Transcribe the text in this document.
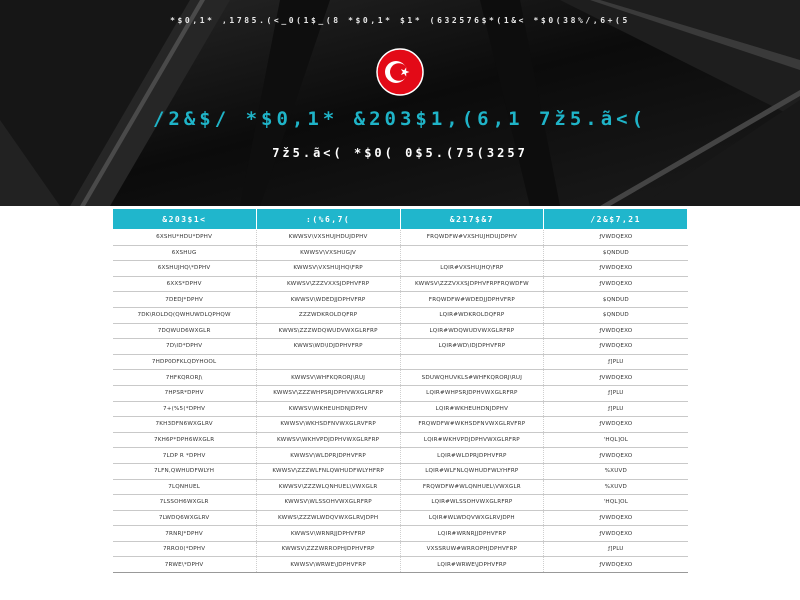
*$0,1* ,1785.(<_0(1$_(8 *$0,1* $1* (632576$*(1&< *$0(38%/,6+(5
/2&$/ *$0,1* &203$1,(6,1 7ž5.ã<(
7ž5.ã<( *$0( 0$5.(75(3257
&203$1<	:(%6,7(	&217$&7	/2&$7,21
6XSHU*HDU*DPHV	KWWSV\VXSHUJHDUJDPHV	FRQWDFW#VXSHUJHDUJDPHV	ƒVWDQEXO
6XSHUG	KWWSV\VXSHUGJV		$QNDUD
6XSHUJHQ\*DPHV	KWWSV\VXSHUJHQ\FRP	LQIR#VXSHUJHQ\FRP	ƒVWDQEXO
6XXS*DPHV	KWWSV\ZZZVXXSJDPHVFRP	KWWSV\ZZZVXXSJDPHVFRPFRQWDFW	ƒVWDQEXO
7DEDJ*DPHV	KWWSV\WDEDJJDPHVFRP	FRQWDFW#WDEDJJDPHVFRP	$QNDUD
7DK\ROLDQ(QWHUWDLQPHQW	ZZZWDKROLDQFRP	LQIR#WDKROLDQFRP	$QNDUD
7DQWUD6WXGLR	KWWS\ZZZWDQWUDVWXGLRFRP	LQIR#WDQWUDVWXGLRFRP	ƒVWDQEXO
7D\ID*DPHV	KWWS\WD\IDJDPHVFRP	LQIR#WD\IDJDPHVFRP	ƒVWDQEXO
7HDP0DFKLQDYHOOL			ƒ]PLU
7HFKQRORJ\	KWWSV\WHFKQRORJ\RUJ	SDUWQHUVKLS#WHFKQRORJ\RUJ	ƒVWDQEXO
7HPSR*DPHV	KWWSV\ZZZWHPSRJDPHVWXGLRFRP	LQIR#WHPSRJDPHVWXGLRFRP	ƒ]PLU
7+(%5(*DPHV	KWWSV\WKHEUHDNJDPHV	LQIR#WKHEUHDNJDPHV	ƒ]PLU
7KH3DFN6WXGLRV	KWWSV\WKHSDFNVWXGLRVFRP	FRQWDFW#WKHSDFNVWXGLRVFRP	ƒVWDQEXO
7KH6P*DPH6WXGLR	KWWSV\WKHVPDJDPHVWXGLRFRP	LQIR#WKHVPDJDPHVWXGLRFRP	'HQL]OL
7LDP R *DPHV	KWWSV\WLDPRJDPHVFRP	LQIR#WLDPRJDPHVFRP	ƒVWDQEXO
7LFN,QWHUDFWLYH	KWWSV\ZZZWLFNLQWHUDFWLYHFRP	LQIR#WLFNLQWHUDFWLYHFRP	%XUVD
7LQNHUEL	KWWSV\ZZZWLQNHUEL\VWXGLR	FRQWDFW#WLQNHUEL\VWXGLR	%XUVD
7LSSOH6WXGLR	KWWSV\WLSSOHVWXGLRFRP	LQIR#WLSSOHVWXGLRFRP	'HQL]OL
7LWDQ6WXGLRV	KWWS\ZZZWLWDQVWXGLRVJDPH	LQIR#WLWDQVWXGLRVJDPH	ƒVWDQEXO
7RNRJ*DPHV	KWWSV\WRNRJJDPHVFRP	LQIR#WRNRJJDPHVFRP	ƒVWDQEXO
7RRO0(*DPHV	KWWSV\ZZZWRROPHJDPHVFRP	VXSSRUW#WRROPHJDPHVFRP	ƒ]PLU
7RWE\*DPHV	KWWSV\WRWE\JDPHVFRP	LQIR#WRWE\JDPHVFRP	ƒVWDQEXO
